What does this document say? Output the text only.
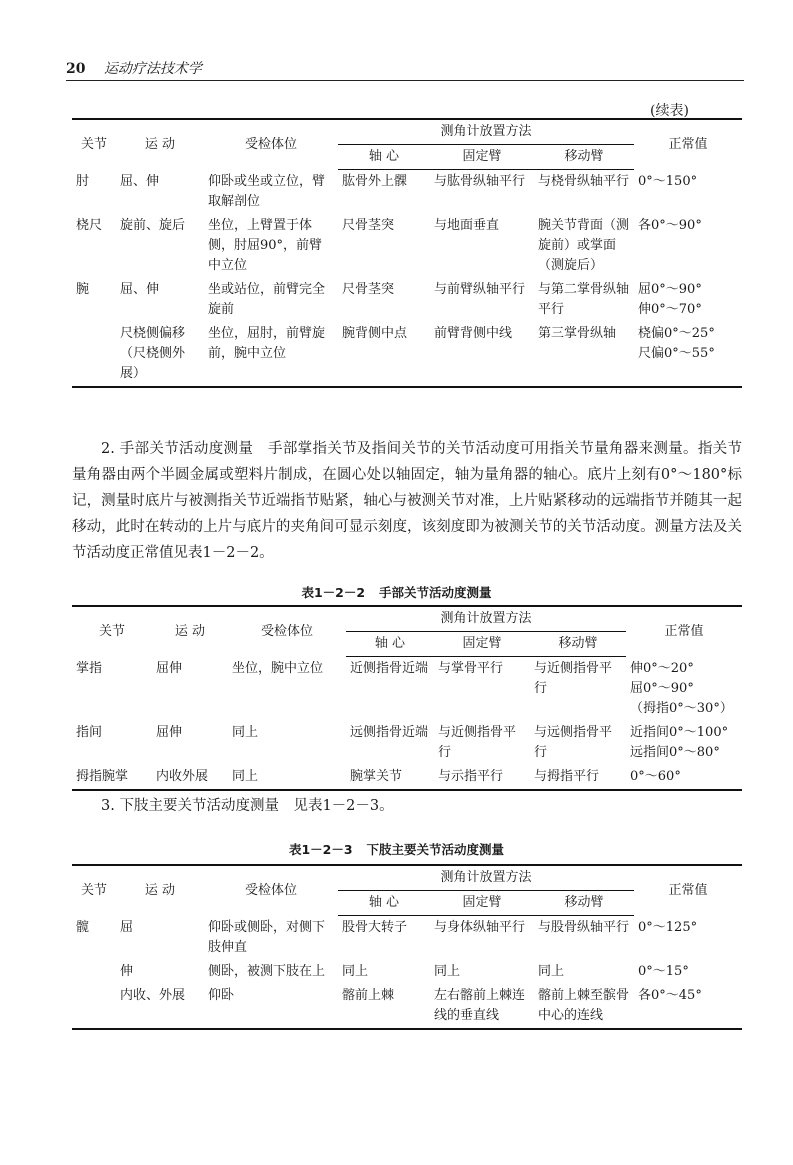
20 运动疗法技术学
(续表)
关节	运 动	受检体位	测角计放置方法			正常值
			轴 心	固定臂	移动臂	
肘	屈、伸	仰卧或坐或立位，臂取解剖位	肱骨外上髁	与肱骨纵轴平行	与桡骨纵轴平行	0°～150°
桡尺	旋前、旋后	坐位，上臂置于体侧，肘屈90°，前臂中立位	尺骨茎突	与地面垂直	腕关节背面（测旋前）或掌面（测旋后）	各0°～90°
腕	屈、伸	坐或站位，前臂完全旋前	尺骨茎突	与前臂纵轴平行	与第二掌骨纵轴平行	屈0°～90°
伸0°～70°
	尺桡侧偏移（尺桡侧外展）	坐位，屈肘，前臂旋前，腕中立位	腕背侧中点	前臂背侧中线	第三掌骨纵轴	桡偏0°～25°
尺偏0°～55°

2. 手部关节活动度测量　手部掌指关节及指间关节的关节活动度可用指关节量角器来测量。指关节量角器由两个半圆金属或塑料片制成，在圆心处以轴固定，轴为量角器的轴心。底片上刻有0°～180°标记，测量时底片与被测指关节近端指节贴紧，轴心与被测关节对准，上片贴紧移动的远端指节并随其一起移动，此时在转动的上片与底片的夹角间可显示刻度，该刻度即为被测关节的关节活动度。测量方法及关节活动度正常值见表1－2－2。

表1－2－2 手部关节活动度测量
关节	运 动	受检体位	测角计放置方法			正常值
			轴 心	固定臂	移动臂	
掌指	屈伸	坐位，腕中立位	近侧指骨近端	与掌骨平行	与近侧指骨平行	伸0°～20°
屈0°～90°
（拇指0°～30°）
指间	屈伸	同上	远侧指骨近端	与近侧指骨平行	与远侧指骨平行	近指间0°～100°
远指间0°～80°
拇指腕掌	内收外展	同上	腕掌关节	与示指平行	与拇指平行	0°～60°

3. 下肢主要关节活动度测量　见表1－2－3。

表1－2－3 下肢主要关节活动度测量
关节	运 动	受检体位	测角计放置方法			正常值
			轴 心	固定臂	移动臂	
髋	屈	仰卧或侧卧，对侧下肢伸直	股骨大转子	与身体纵轴平行	与股骨纵轴平行	0°～125°
	伸	侧卧，被测下肢在上	同上	同上	同上	0°～15°
	内收、外展	仰卧	髂前上棘	左右髂前上棘连线的垂直线	髂前上棘至髌骨中心的连线	各0°～45°
